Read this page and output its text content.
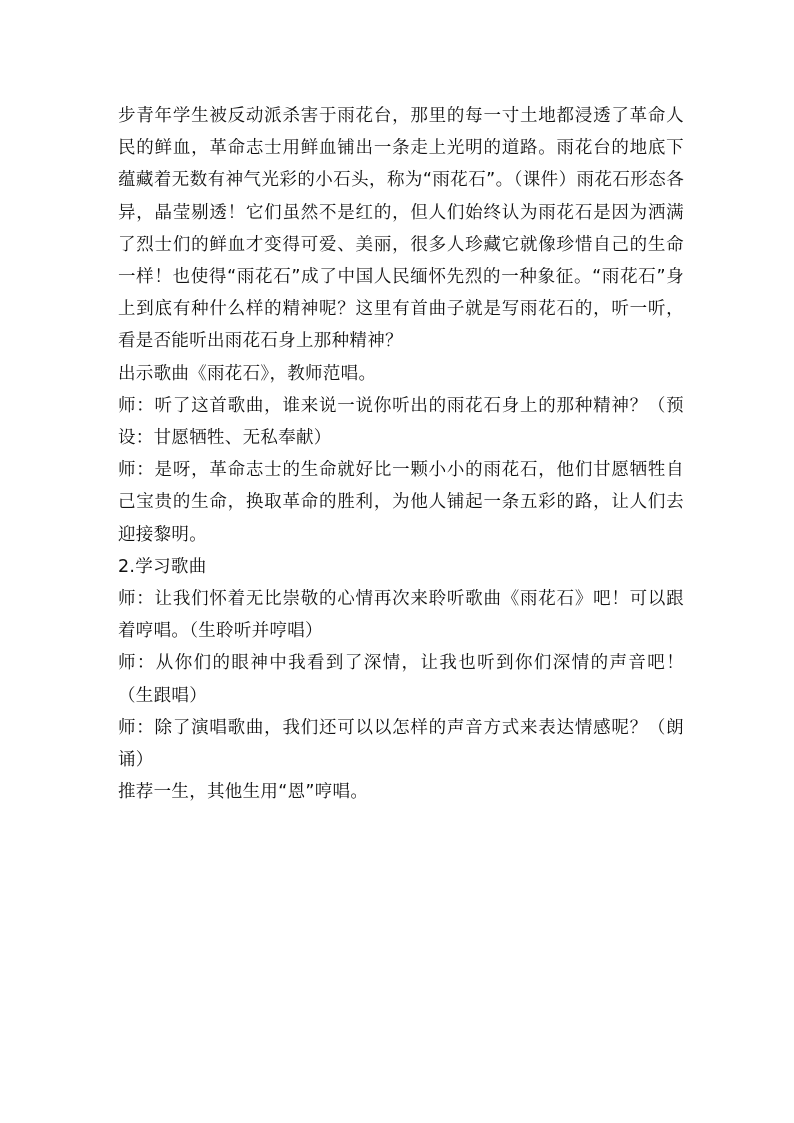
步青年学生被反动派杀害于雨花台，那里的每一寸土地都浸透了革命人民的鲜血，革命志士用鲜血铺出一条走上光明的道路。雨花台的地底下蕴藏着无数有神气光彩的小石头，称为“雨花石”。（课件）雨花石形态各异，晶莹剔透！它们虽然不是红的，但人们始终认为雨花石是因为洒满了烈士们的鲜血才变得可爱、美丽，很多人珍藏它就像珍惜自己的生命一样！也使得“雨花石”成了中国人民缅怀先烈的一种象征。“雨花石”身上到底有种什么样的精神呢？这里有首曲子就是写雨花石的，听一听，看是否能听出雨花石身上那种精神？

出示歌曲《雨花石》，教师范唱。

师：听了这首歌曲，谁来说一说你听出的雨花石身上的那种精神？（预设：甘愿牺牲、无私奉献）

师：是呀，革命志士的生命就好比一颗小小的雨花石，他们甘愿牺牲自己宝贵的生命，换取革命的胜利，为他人铺起一条五彩的路，让人们去迎接黎明。

2.学习歌曲

师：让我们怀着无比崇敬的心情再次来聆听歌曲《雨花石》吧！可以跟着哼唱。（生聆听并哼唱）

师：从你们的眼神中我看到了深情，让我也听到你们深情的声音吧！（生跟唱）

师：除了演唱歌曲，我们还可以以怎样的声音方式来表达情感呢？（朗诵）

推荐一生，其他生用“恩”哼唱。
